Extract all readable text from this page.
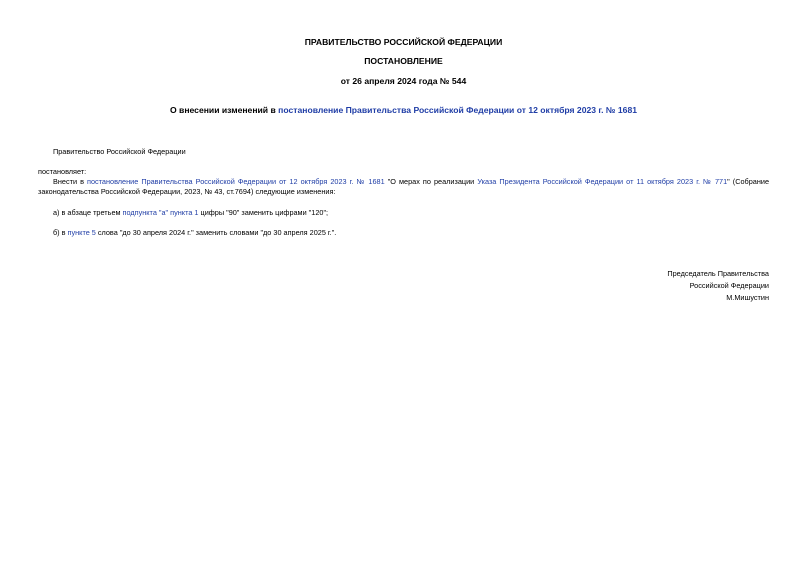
ПРАВИТЕЛЬСТВО РОССИЙСКОЙ ФЕДЕРАЦИИ
ПОСТАНОВЛЕНИЕ
от 26 апреля 2024 года № 544
О внесении изменений в постановление Правительства Российской Федерации от 12 октября 2023 г. № 1681
Правительство Российской Федерации
постановляет:
Внести в постановление Правительства Российской Федерации от 12 октября 2023 г. № 1681 "О мерах по реализации Указа Президента Российской Федерации от 11 октября 2023 г. № 771" (Собрание
законодательства Российской Федерации, 2023, № 43, ст.7694) следующие изменения:
а) в абзаце третьем подпункта "а" пункта 1 цифры "90" заменить цифрами "120";
б) в пункте 5 слова "до 30 апреля 2024 г." заменить словами "до 30 апреля 2025 г.".
Председатель Правительства
Российской Федерации
М.Мишустин
